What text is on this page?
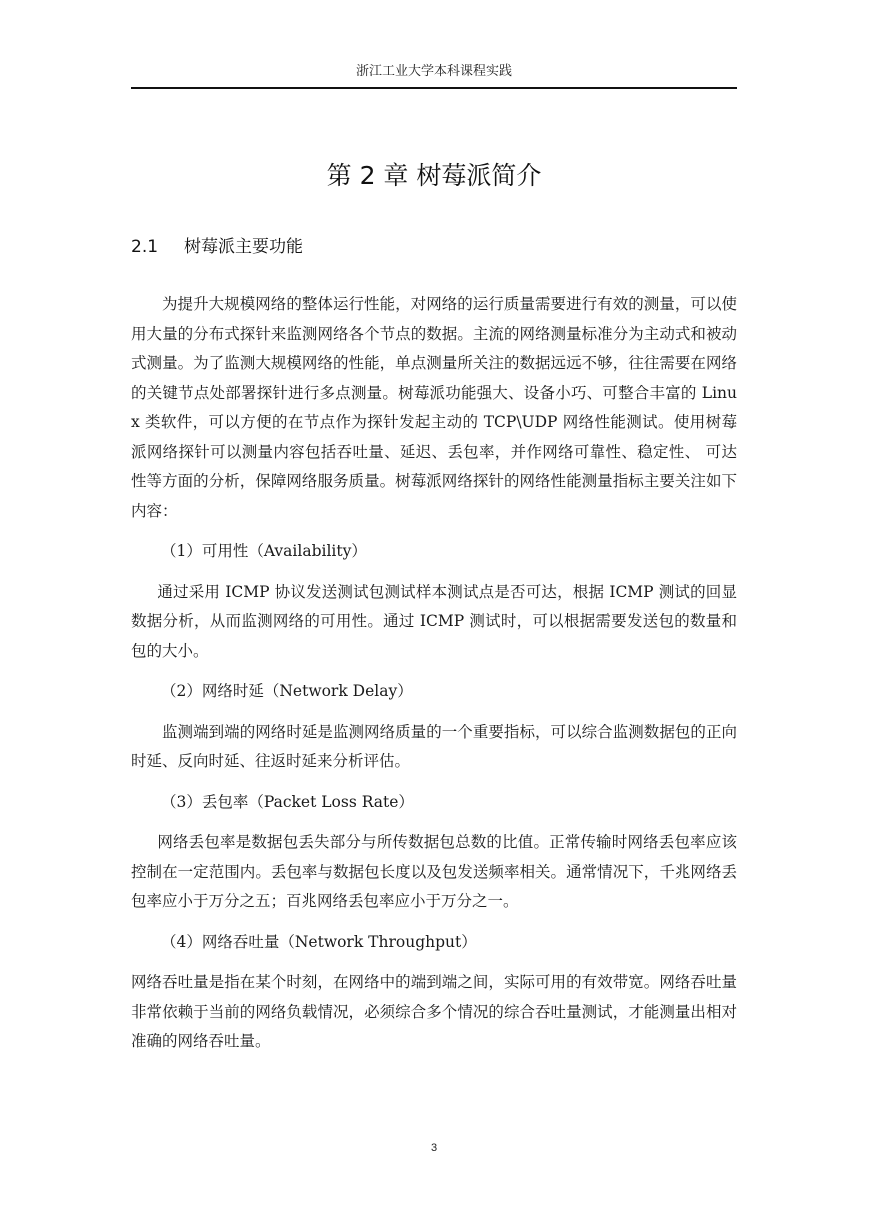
浙江工业大学本科课程实践
第 2 章 树莓派简介
2.1 树莓派主要功能

为提升大规模网络的整体运行性能，对网络的运行质量需要进行有效的测量，可以使用大量的分布式探针来监测网络各个节点的数据。主流的网络测量标准分为主动式和被动式测量。为了监测大规模网络的性能，单点测量所关注的数据远远不够，往往需要在网络的关键节点处部署探针进行多点测量。树莓派功能强大、设备小巧、可整合丰富的 Linux 类软件，可以方便的在节点作为探针发起主动的 TCP\UDP 网络性能测试。使用树莓派网络探针可以测量内容包括吞吐量、延迟、丢包率，并作网络可靠性、稳定性、 可达性等方面的分析，保障网络服务质量。树莓派网络探针的网络性能测量指标主要关注如下内容：

（1）可用性（Availability）

通过采用 ICMP 协议发送测试包测试样本测试点是否可达，根据 ICMP 测试的回显数据分析，从而监测网络的可用性。通过 ICMP 测试时，可以根据需要发送包的数量和包的大小。

（2）网络时延（Network Delay）

监测端到端的网络时延是监测网络质量的一个重要指标，可以综合监测数据包的正向时延、反向时延、往返时延来分析评估。

（3）丢包率（Packet Loss Rate）

网络丢包率是数据包丢失部分与所传数据包总数的比值。正常传输时网络丢包率应该控制在一定范围内。丢包率与数据包长度以及包发送频率相关。通常情况下，千兆网络丢包率应小于万分之五；百兆网络丢包率应小于万分之一。

（4）网络吞吐量（Network Throughput）

网络吞吐量是指在某个时刻，在网络中的端到端之间，实际可用的有效带宽。网络吞吐量非常依赖于当前的网络负载情况，必须综合多个情况的综合吞吐量测试，才能测量出相对准确的网络吞吐量。

3
